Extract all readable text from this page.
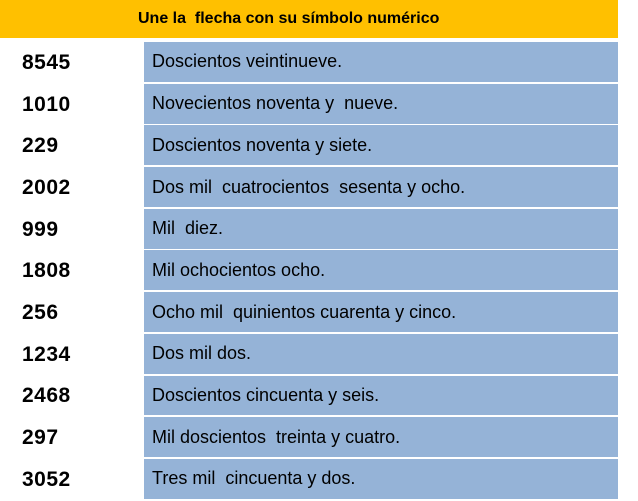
Une la  flecha con su símbolo numérico
8545
1010
229
2002
999
1808
256
1234
2468
297
3052
Doscientos veintinueve.
Novecientos noventa y  nueve.
Doscientos noventa y siete.
Dos mil  cuatrocientos  sesenta y ocho.
Mil  diez.
Mil ochocientos ocho.
Ocho mil  quinientos cuarenta y cinco.
Dos mil dos.
Doscientos cincuenta y seis.
Mil doscientos  treinta y cuatro.
Tres mil  cincuenta y dos.
